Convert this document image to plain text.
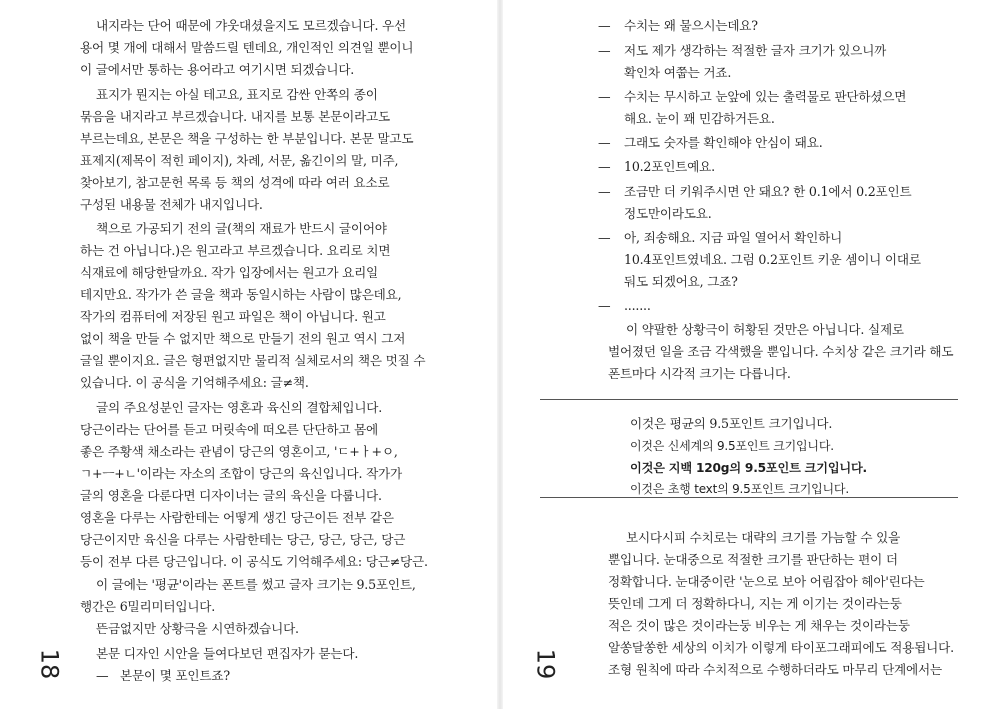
내지라는 단어 때문에 갸웃대셨을지도 모르겠습니다. 우선
용어 몇 개에 대해서 말씀드릴 텐데요, 개인적인 의견일 뿐이니
이 글에서만 통하는 용어라고 여기시면 되겠습니다.
표지가 뭔지는 아실 테고요, 표지로 감싼 안쪽의 종이
묶음을 내지라고 부르겠습니다. 내지를 보통 본문이라고도
부르는데요, 본문은 책을 구성하는 한 부분입니다. 본문 말고도
표제지(제목이 적힌 페이지), 차례, 서문, 옮긴이의 말, 미주,
찾아보기, 참고문헌 목록 등 책의 성격에 따라 여러 요소로
구성된 내용물 전체가 내지입니다.
책으로 가공되기 전의 글(책의 재료가 반드시 글이어야
하는 건 아닙니다.)은 원고라고 부르겠습니다. 요리로 치면
식재료에 해당한달까요. 작가 입장에서는 원고가 요리일
테지만요. 작가가 쓴 글을 책과 동일시하는 사람이 많은데요,
작가의 컴퓨터에 저장된 원고 파일은 책이 아닙니다. 원고
없이 책을 만들 수 없지만 책으로 만들기 전의 원고 역시 그저
글일 뿐이지요. 글은 형편없지만 물리적 실체로서의 책은 멋질 수
있습니다. 이 공식을 기억해주세요: 글≠책.
글의 주요성분인 글자는 영혼과 육신의 결합체입니다.
당근이라는 단어를 듣고 머릿속에 떠오른 단단하고 몸에
좋은 주황색 채소라는 관념이 당근의 영혼이고, 'ㄷ+ㅏ+ㅇ,
ㄱ+ㅡ+ㄴ'이라는 자소의 조합이 당근의 육신입니다. 작가가
글의 영혼을 다룬다면 디자이너는 글의 육신을 다룹니다.
영혼을 다루는 사람한테는 어떻게 생긴 당근이든 전부 같은
당근이지만 육신을 다루는 사람한테는 당근, 당근, 당근, 당근
등이 전부 다른 당근입니다. 이 공식도 기억해주세요: 당근≠당근.
이 글에는 '평균'이라는 폰트를 썼고 글자 크기는 9.5포인트,
행간은 6밀리미터입니다.
뜬금없지만 상황극을 시연하겠습니다.
본문 디자인 시안을 들여다보던 편집자가 묻는다.
— 본문이 몇 포인트죠?
18
수치는 왜 물으시는데요?
—
저도 제가 생각하는 적절한 글자 크기가 있으니까
—
확인차 여쭙는 거죠.
수치는 무시하고 눈앞에 있는 출력물로 판단하셨으면
—
해요. 눈이 꽤 민감하거든요.
그래도 숫자를 확인해야 안심이 돼요.
—
10.2포인트예요.
—
조금만 더 키워주시면 안 돼요? 한 0.1에서 0.2포인트
—
정도만이라도요.
아, 죄송해요. 지금 파일 열어서 확인하니
—
10.4포인트였네요. 그럼 0.2포인트 키운 셈이니 이대로
둬도 되겠어요, 그죠?
.......
—
이 약팔한 상황극이 허황된 것만은 아닙니다. 실제로
벌어졌던 일을 조금 각색했을 뿐입니다. 수치상 같은 크기라 해도
폰트마다 시각적 크기는 다릅니다.
이것은 평균의 9.5포인트 크기입니다.
이것은 신세계의 9.5포인트 크기입니다.
이것은 지백 120g의 9.5포인트 크기입니다.
이것은 초행 text의 9.5포인트 크기입니다.
보시다시피 수치로는 대략의 크기를 가늠할 수 있을
뿐입니다. 눈대중으로 적절한 크기를 판단하는 편이 더
정확합니다. 눈대중이란 '눈으로 보아 어림잡아 헤아'린다는
뜻인데 그게 더 정확하다니, 지는 게 이기는 것이라는둥
적은 것이 많은 것이라는둥 비우는 게 채우는 것이라는둥
알쏭달쏭한 세상의 이치가 이렇게 타이포그래피에도 적용됩니다.
조형 원칙에 따라 수치적으로 수행하더라도 마무리 단계에서는
19
